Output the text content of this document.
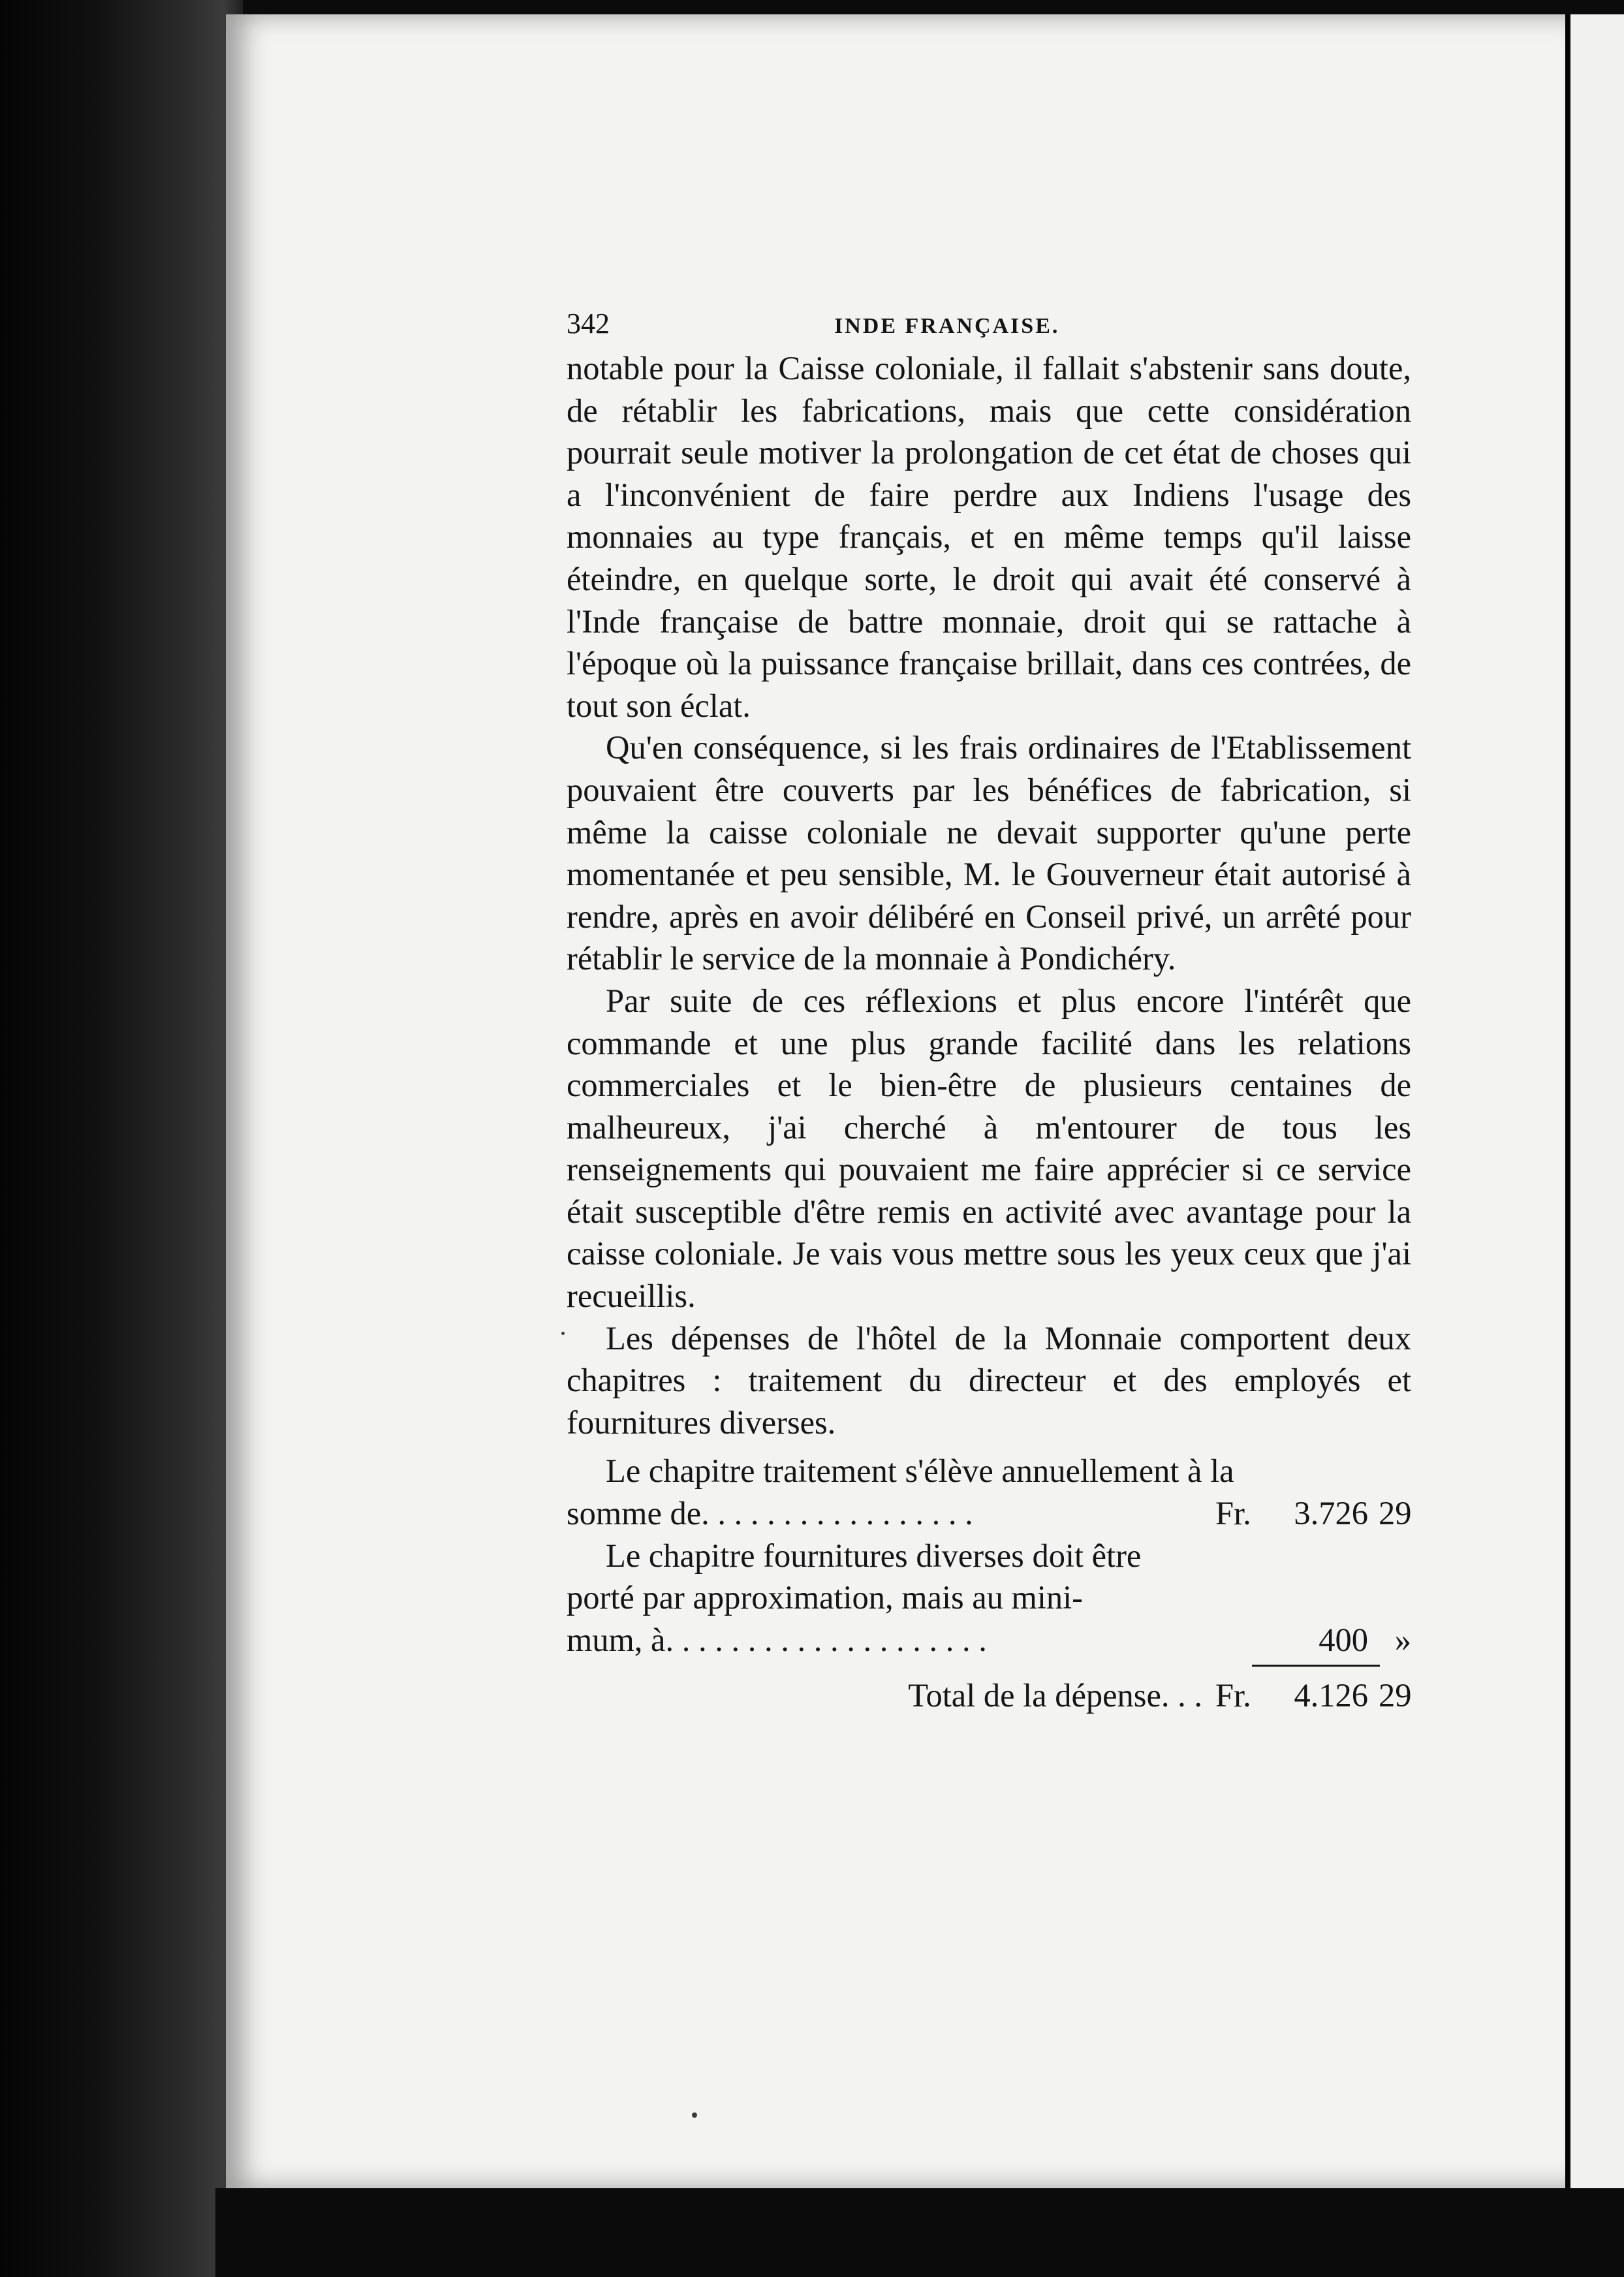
342	INDE FRANÇAISE.

notable pour la Caisse coloniale, il fallait s'abstenir sans doute, de rétablir les fabrications, mais que cette considération pourrait seule motiver la prolongation de cet état de choses qui a l'inconvénient de faire perdre aux Indiens l'usage des monnaies au type français, et en même temps qu'il laisse éteindre, en quelque sorte, le droit qui avait été conservé à l'Inde française de battre monnaie, droit qui se rattache à l'époque où la puissance française brillait, dans ces contrées, de tout son éclat.

Qu'en conséquence, si les frais ordinaires de l'Etablissement pouvaient être couverts par les bénéfices de fabrication, si même la caisse coloniale ne devait supporter qu'une perte momentanée et peu sensible, M. le Gouverneur était autorisé à rendre, après en avoir délibéré en Conseil privé, un arrêté pour rétablir le service de la monnaie à Pondichéry.

Par suite de ces réflexions et plus encore l'intérêt que commande et une plus grande facilité dans les relations commerciales et le bien-être de plusieurs centaines de malheureux, j'ai cherché à m'entourer de tous les renseignements qui pouvaient me faire apprécier si ce service était susceptible d'être remis en activité avec avantage pour la caisse coloniale. Je vais vous mettre sous les yeux ceux que j'ai recueillis.

Les dépenses de l'hôtel de la Monnaie comportent deux chapitres : traitement du directeur et des employés et fournitures diverses.

Le chapitre traitement s'élève annuellement à la
somme de. . . . . . . . . . . . . . . . .	Fr.	3.726 29
Le chapitre fournitures diverses doit être
porté par approximation, mais au mini-
mum, à. . . . . . . . . . . . . . . . . . . .	400 »
Total de la dépense. . . Fr.	4.126 29
